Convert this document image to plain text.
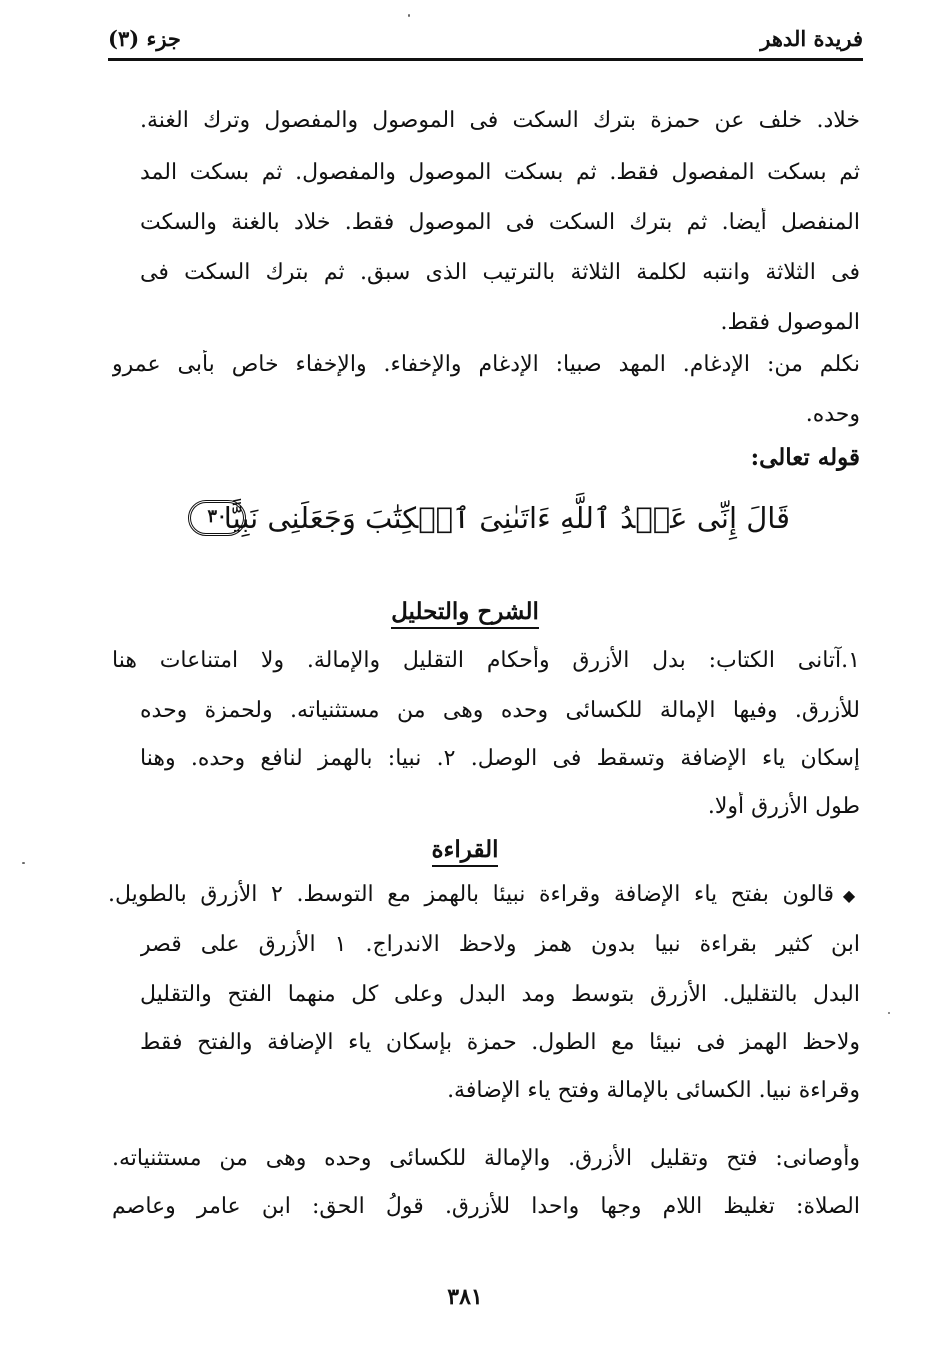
فريدة الدهر
جزء (٣)
خلاد. خلف عن حمزة بترك السكت فى الموصول والمفصول وترك الغنة.
ثم بسكت المفصول فقط. ثم بسكت الموصول والمفصول. ثم بسكت المد
المنفصل أيضا. ثم بترك السكت فى الموصول فقط. خلاد بالغنة والسكت
فى الثلاثة وانتبه لكلمة الثلاثة بالترتيب الذى سبق. ثم بترك السكت فى
الموصول فقط.
نكلم من: الإدغام. المهد صبيا: الإدغام والإخفاء. والإخفاء خاص بأبى عمرو
وحده.
قوله تعالى:
قَالَ إِنِّى عَبۡدُ ٱللَّهِ ءَاتَىٰنِىَ ٱلۡكِتَٰبَ وَجَعَلَنِى نَبِيًّا
٣٠
الشرح والتحليل
١.آتانى الكتاب: بدل الأزرق وأحكام التقليل والإمالة. ولا امتناعات هنا
للأزرق. وفيها الإمالة للكسائى وحده وهى من مستثنياته. ولحمزة وحده
إسكان ياء الإضافة وتسقط فى الوصل. ٢. نبيا: بالهمز لنافع وحده. وهنا
طول الأزرق أولا.
القراءة
◆
قالون بفتح ياء الإضافة وقراءة نبيئا بالهمز مع التوسط. ٢ الأزرق بالطويل.
ابن كثير بقراءة نبيا بدون همز ولاحظ الاندراج. ١ الأزرق على قصر
البدل بالتقليل. الأزرق بتوسط ومد البدل وعلى كل منهما الفتح والتقليل
ولاحظ الهمز فى نبيئا مع الطول. حمزة بإسكان ياء الإضافة والفتح فقط
وقراءة نبيا. الكسائى بالإمالة وفتح ياء الإضافة.
وأوصانى: فتح وتقليل الأزرق. والإمالة للكسائى وحده وهى من مستثنياته.
الصلاة: تغليظ اللام وجها واحدا للأزرق. قولُ الحق: ابن عامر وعاصم
٣٨١
